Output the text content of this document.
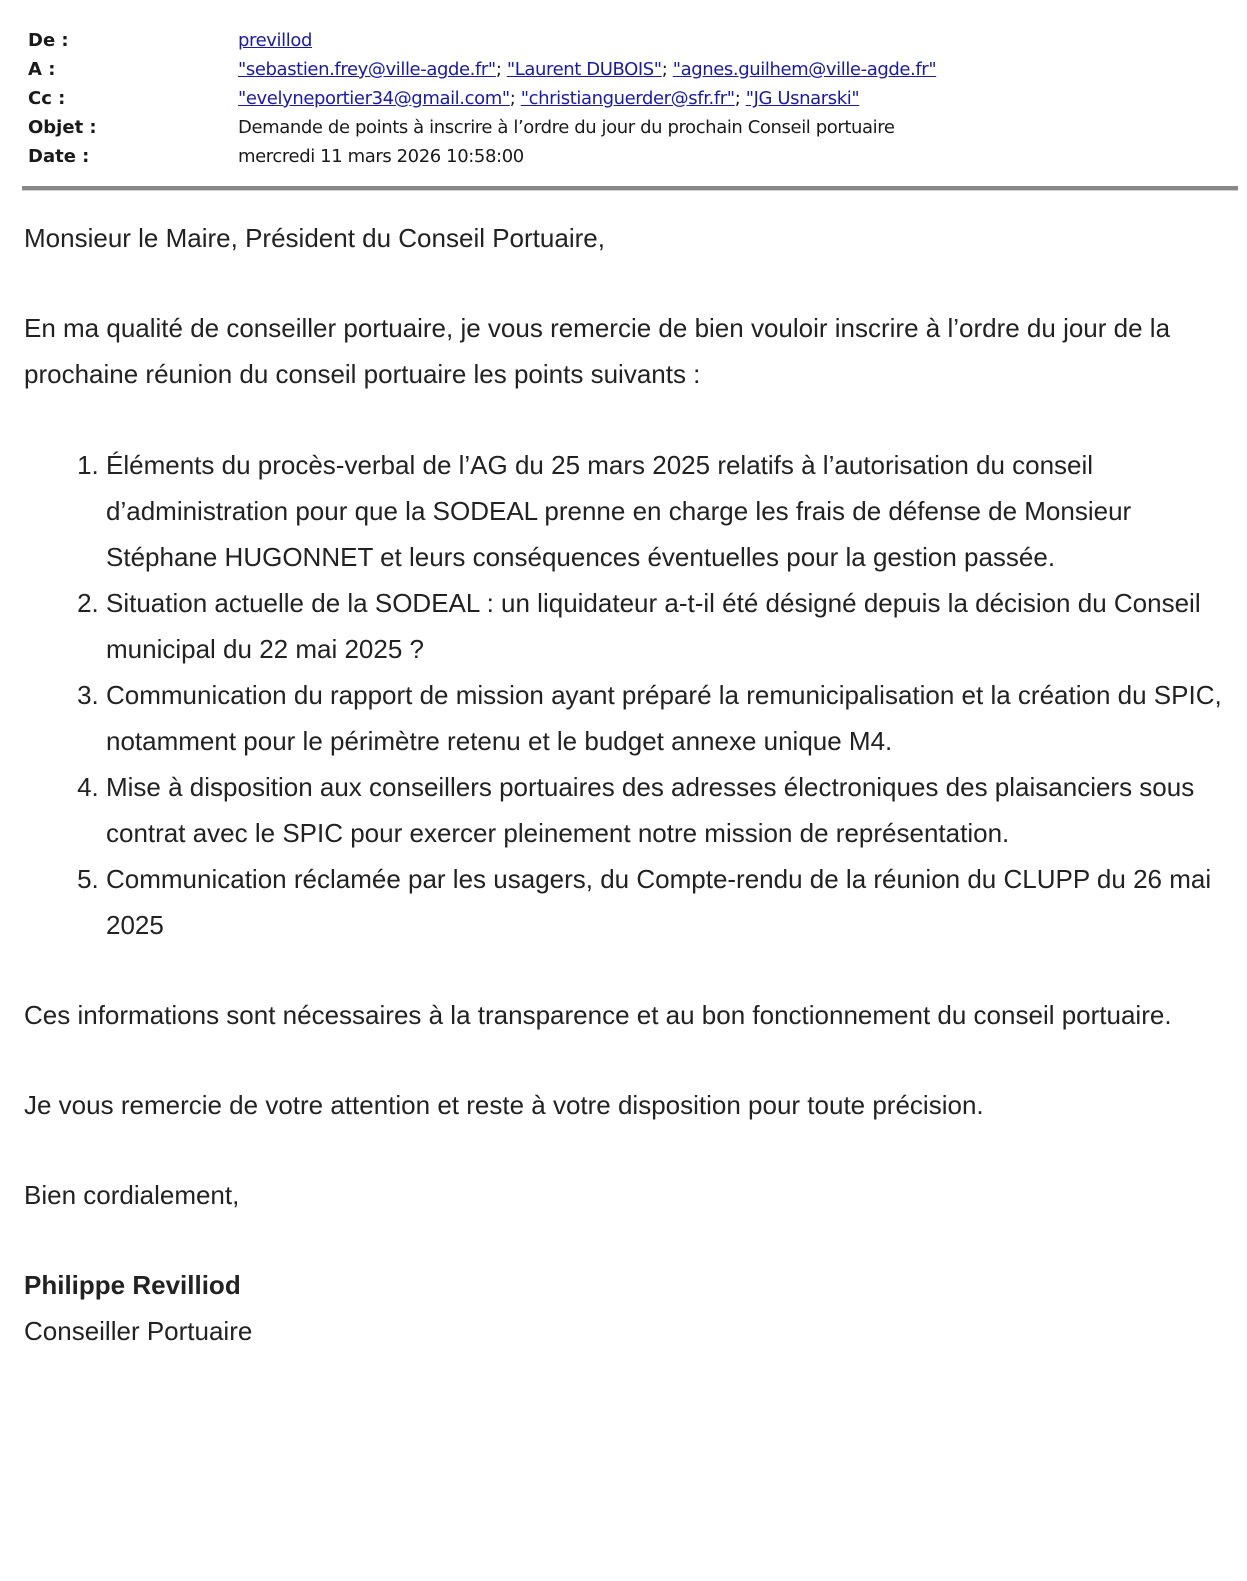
De :	previllod
A :	"sebastien.frey@ville-agde.fr"; "Laurent DUBOIS"; "agnes.guilhem@ville-agde.fr"
Cc :	"evelyneportier34@gmail.com"; "christianguerder@sfr.fr"; "JG Usnarski"
Objet :	Demande de points à inscrire à l’ordre du jour du prochain Conseil portuaire
Date :	mercredi 11 mars 2026 10:58:00

Monsieur le Maire, Président du Conseil Portuaire,

En ma qualité de conseiller portuaire, je vous remercie de bien vouloir inscrire à l’ordre du jour de la prochaine réunion du conseil portuaire les points suivants :

1. Éléments du procès-verbal de l’AG du 25 mars 2025 relatifs à l’autorisation du conseil d’administration pour que la SODEAL prenne en charge les frais de défense de Monsieur Stéphane HUGONNET et leurs conséquences éventuelles pour la gestion passée.
2. Situation actuelle de la SODEAL : un liquidateur a-t-il été désigné depuis la décision du Conseil municipal du 22 mai 2025 ?
3. Communication du rapport de mission ayant préparé la remunicipalisation et la création du SPIC, notamment pour le périmètre retenu et le budget annexe unique M4.
4. Mise à disposition aux conseillers portuaires des adresses électroniques des plaisanciers sous contrat avec le SPIC pour exercer pleinement notre mission de représentation.
5. Communication réclamée par les usagers, du Compte-rendu de la réunion du CLUPP du 26 mai 2025

Ces informations sont nécessaires à la transparence et au bon fonctionnement du conseil portuaire.

Je vous remercie de votre attention et reste à votre disposition pour toute précision.

Bien cordialement,

Philippe Revilliod

Conseiller Portuaire
